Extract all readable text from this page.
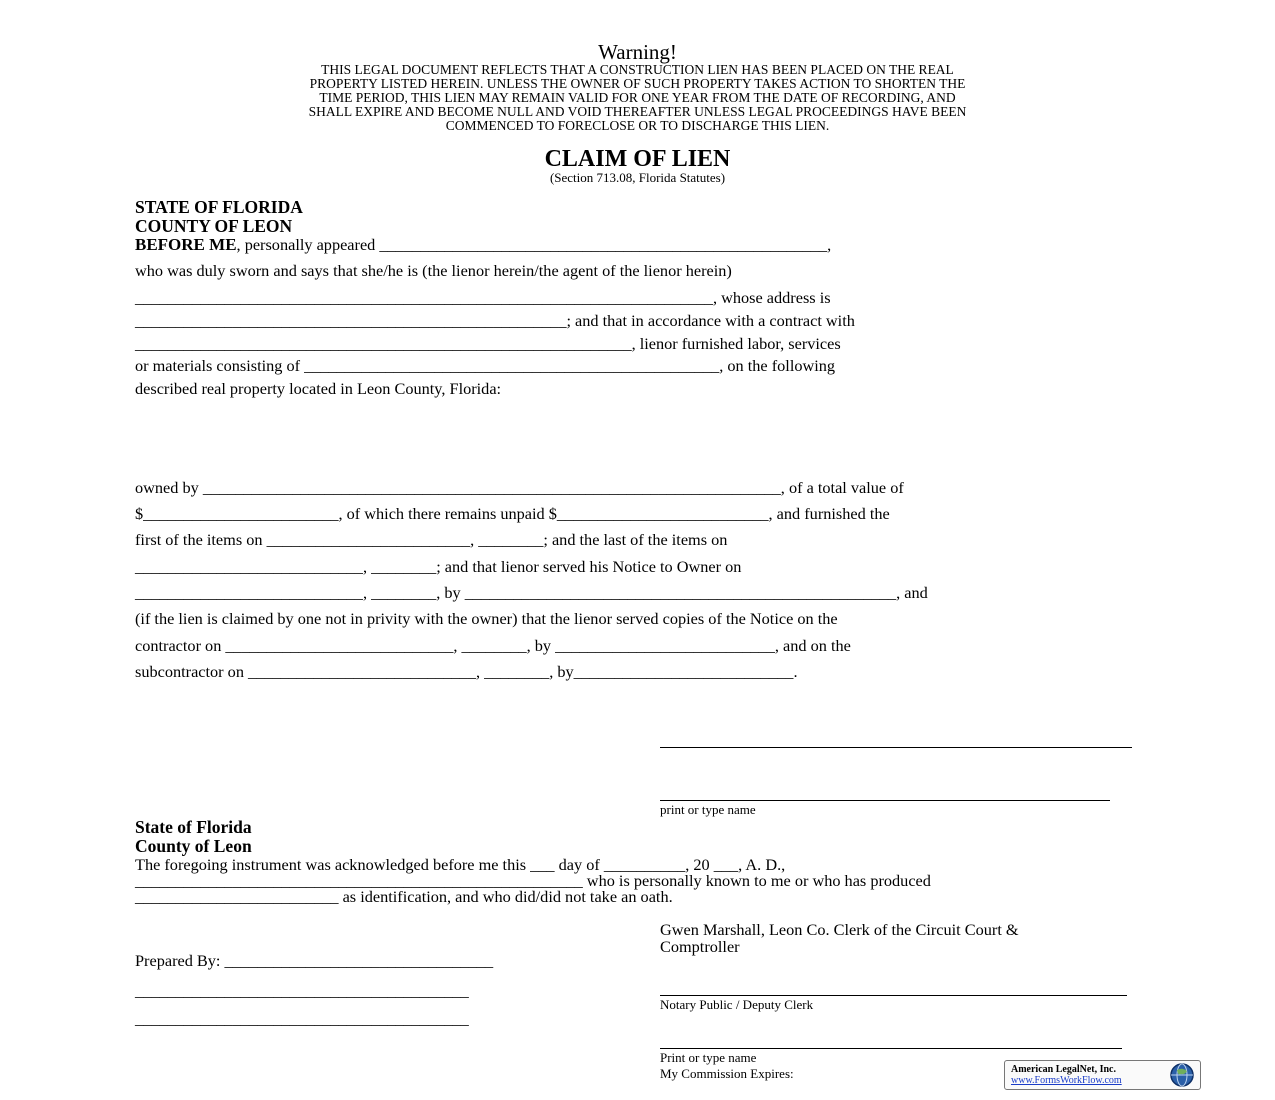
Warning!
THIS LEGAL DOCUMENT REFLECTS THAT A CONSTRUCTION LIEN HAS BEEN PLACED ON THE REAL
PROPERTY LISTED HEREIN. UNLESS THE OWNER OF SUCH PROPERTY TAKES ACTION TO SHORTEN THE
TIME PERIOD, THIS LIEN MAY REMAIN VALID FOR ONE YEAR FROM THE DATE OF RECORDING, AND
SHALL EXPIRE AND BECOME NULL AND VOID THEREAFTER UNLESS LEGAL PROCEEDINGS HAVE BEEN
COMMENCED TO FORECLOSE OR TO DISCHARGE THIS LIEN.
CLAIM OF LIEN
(Section 713.08, Florida Statutes)
STATE OF FLORIDA
COUNTY OF LEON
BEFORE ME, personally appeared _______________________________________________________,
who was duly sworn and says that she/he is (the lienor herein/the agent of the lienor herein)
_______________________________________________________________________, whose address is
_____________________________________________________; and that in accordance with a contract with
_____________________________________________________________, lienor furnished labor, services
or materials consisting of ___________________________________________________, on the following
described real property located in Leon County, Florida:
owned by _______________________________________________________________________, of a total value of
$________________________, of which there remains unpaid $__________________________, and furnished the
first of the items on _________________________, ________; and the last of the items on
____________________________, ________; and that lienor served his Notice to Owner on
____________________________, ________, by _____________________________________________________, and
(if the lien is claimed by one not in privity with the owner) that the lienor served copies of the Notice on the
contractor on ____________________________, ________, by ___________________________, and on the
subcontractor on ____________________________, ________, by___________________________.
print or type name
State of Florida
County of Leon
The foregoing instrument was acknowledged before me this ___ day of __________, 20 ___, A. D.,
_______________________________________________________ who is personally known to me or who has produced
_________________________ as identification, and who did/did not take an oath.
Gwen Marshall, Leon Co. Clerk of the Circuit Court &
Comptroller
Notary Public / Deputy Clerk
Print or type name
My Commission Expires:
Prepared By: _________________________________
_________________________________________
_________________________________________
American LegalNet, Inc.
www.FormsWorkFlow.com
